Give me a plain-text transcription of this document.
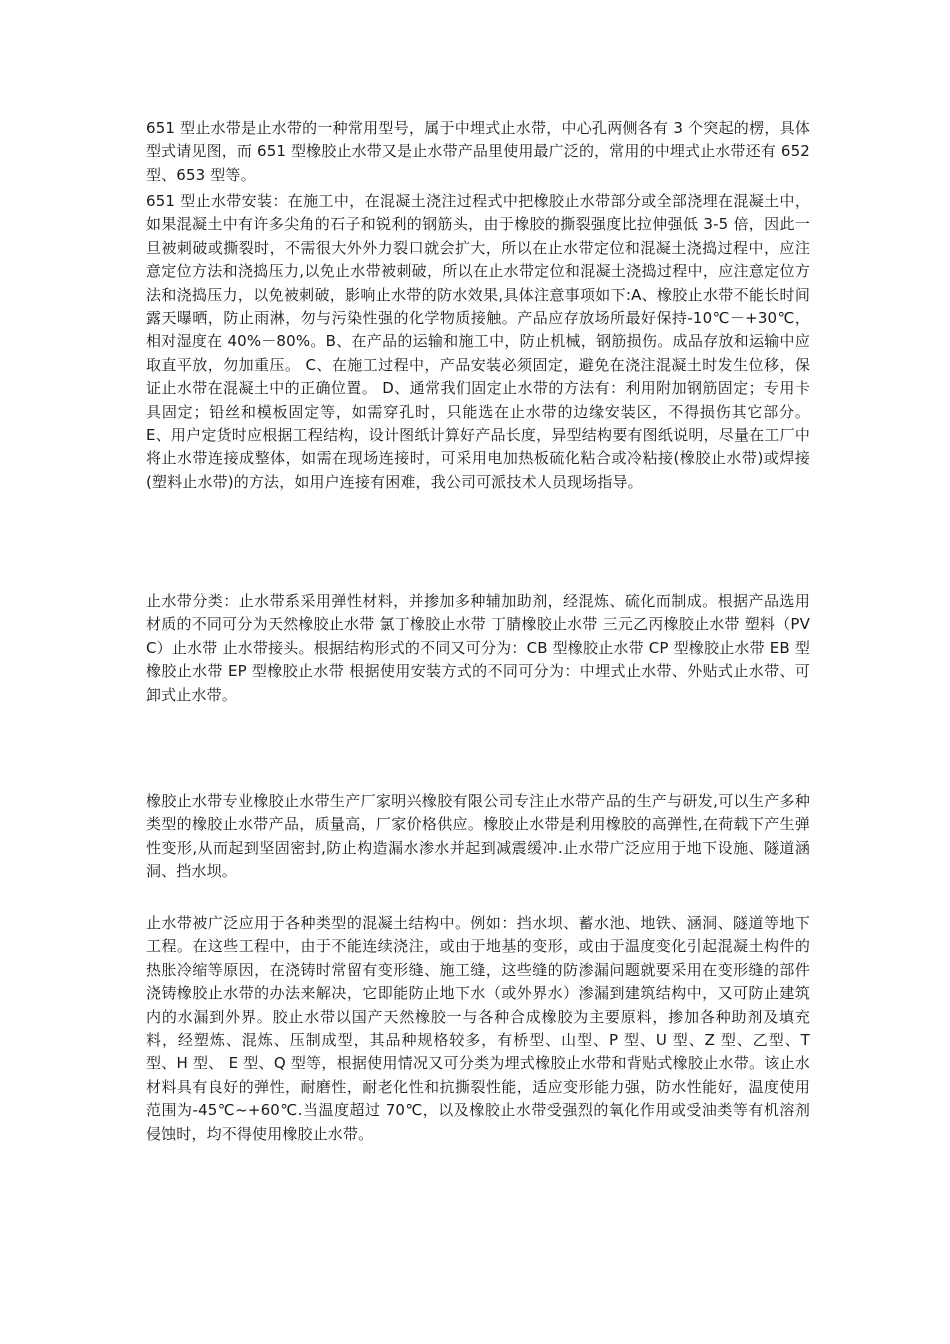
651 型止水带是止水带的一种常用型号，属于中埋式止水带，中心孔两侧各有 3 个突起的楞，具体型式请见图，而 651 型橡胶止水带又是止水带产品里使用最广泛的，常用的中埋式止水带还有 652 型、653 型等。

651 型止水带安装：在施工中，在混凝土浇注过程式中把橡胶止水带部分或全部浇埋在混凝土中，如果混凝土中有许多尖角的石子和锐利的钢筋头，由于橡胶的撕裂强度比拉伸强低 3-5 倍，因此一旦被刺破或撕裂时，不需很大外外力裂口就会扩大，所以在止水带定位和混凝土浇捣过程中，应注意定位方法和浇捣压力,以免止水带被刺破，所以在止水带定位和混凝土浇捣过程中，应注意定位方法和浇捣压力，以免被刺破，影响止水带的防水效果,具体注意事项如下:A、橡胶止水带不能长时间露天曝晒，防止雨淋，勿与污染性强的化学物质接触。产品应存放场所最好保持-10℃－+30℃，相对湿度在 40%－80%。B、在产品的运输和施工中，防止机械，钢筋损伤。成品存放和运输中应取直平放，勿加重压。 C、在施工过程中，产品安装必须固定，避免在浇注混凝土时发生位移，保证止水带在混凝土中的正确位置。 D、通常我们固定止水带的方法有：利用附加钢筋固定；专用卡具固定；铅丝和模板固定等，如需穿孔时，只能选在止水带的边缘安装区，不得损伤其它部分。 E、用户定货时应根据工程结构，设计图纸计算好产品长度，异型结构要有图纸说明，尽量在工厂中将止水带连接成整体，如需在现场连接时，可采用电加热板硫化粘合或冷粘接(橡胶止水带)或焊接(塑料止水带)的方法，如用户连接有困难，我公司可派技术人员现场指导。

止水带分类：止水带系采用弹性材料，并掺加多种辅加助剂，经混炼、硫化而制成。根据产品选用材质的不同可分为天然橡胶止水带 氯丁橡胶止水带 丁腈橡胶止水带 三元乙丙橡胶止水带 塑料（PVC）止水带 止水带接头。根据结构形式的不同又可分为：CB 型橡胶止水带 CP 型橡胶止水带 EB 型橡胶止水带 EP 型橡胶止水带 根据使用安装方式的不同可分为：中埋式止水带、外贴式止水带、可卸式止水带。

橡胶止水带专业橡胶止水带生产厂家明兴橡胶有限公司专注止水带产品的生产与研发,可以生产多种类型的橡胶止水带产品，质量高，厂家价格供应。橡胶止水带是利用橡胶的高弹性,在荷载下产生弹性变形,从而起到坚固密封,防止构造漏水渗水并起到减震缓冲.止水带广泛应用于地下设施、隧道涵洞、挡水坝。

止水带被广泛应用于各种类型的混凝土结构中。例如：挡水坝、蓄水池、地铁、涵洞、隧道等地下工程。在这些工程中，由于不能连续浇注，或由于地基的变形，或由于温度变化引起混凝土构件的热胀冷缩等原因，在浇铸时常留有变形缝、施工缝，这些缝的防渗漏问题就要采用在变形缝的部件浇铸橡胶止水带的办法来解决，它即能防止地下水（或外界水）渗漏到建筑结构中，又可防止建筑内的水漏到外界。胶止水带以国产天然橡胶一与各种合成橡胶为主要原料，掺加各种助剂及填充料，经塑炼、混炼、压制成型，其品种规格较多，有桥型、山型、P 型、U 型、Z 型、乙型、T 型、H 型、 E 型、Q 型等，根据使用情况又可分类为埋式橡胶止水带和背贴式橡胶止水带。该止水材料具有良好的弹性，耐磨性，耐老化性和抗撕裂性能，适应变形能力强，防水性能好，温度使用范围为-45℃~+60℃.当温度超过 70℃，以及橡胶止水带受强烈的氧化作用或受油类等有机溶剂侵蚀时，均不得使用橡胶止水带。
